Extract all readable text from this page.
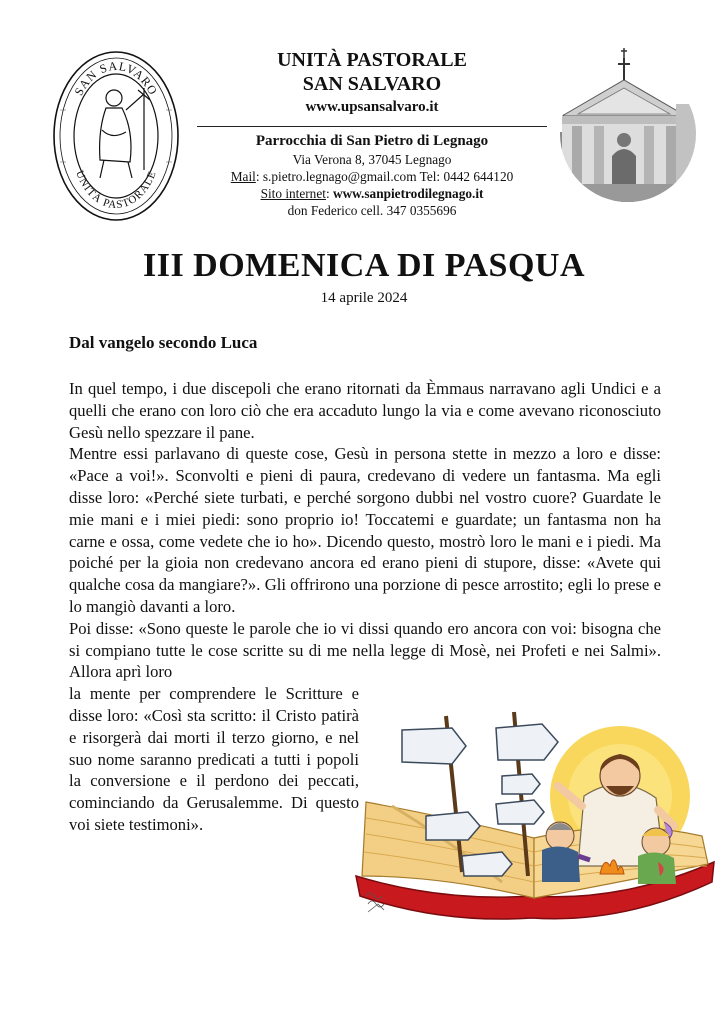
SAN SALVARO
UNITÀ PASTORALE
UNITÀ PASTORALE
SAN SALVARO
www.upsansalvaro.it
Parrocchia di San Pietro di Legnago
Via Verona 8, 37045 Legnago
Mail: s.pietro.legnago@gmail.com Tel: 0442 644120
Sito internet: www.sanpietrodilegnago.it
don Federico cell. 347 0355696
III DOMENICA DI PASQUA
14 aprile 2024
Dal vangelo secondo Luca

In quel tempo, i due discepoli che erano ritornati da Èmmaus narravano agli Undici e a quelli che erano con loro ciò che era accaduto lungo la via e come avevano riconosciuto Gesù nello spezzare il pane.

Mentre essi parlavano di queste cose, Gesù in persona stette in mezzo a loro e disse: «Pace a voi!». Sconvolti e pieni di paura, credevano di vedere un fantasma. Ma egli disse loro: «Perché siete turbati, e perché sorgono dubbi nel vostro cuore? Guardate le mie mani e i miei piedi: sono proprio io! Toccatemi e guardate; un fantasma non ha carne e ossa, come vedete che io ho». Dicendo questo, mostrò loro le mani e i piedi. Ma poiché per la gioia non credevano ancora ed erano pieni di stupore, disse: «Avete qui qualche cosa da mangiare?». Gli offrirono una porzione di pesce arrostito; egli lo prese e lo mangiò davanti a loro.

Poi disse: «Sono queste le parole che io vi dissi quando ero ancora con voi: bisogna che si compiano tutte le cose scritte su di me nella legge di Mosè, nei Profeti e nei Salmi». Allora aprì loro

la mente per comprendere le Scritture e disse loro: «Così sta scritto: il Cristo patirà e risorgerà dai morti il terzo giorno, e nel suo nome saranno predicati a tutti i popoli la conversione e il perdono dei peccati, cominciando da Gerusalemme. Di questo voi siete testimoni».
